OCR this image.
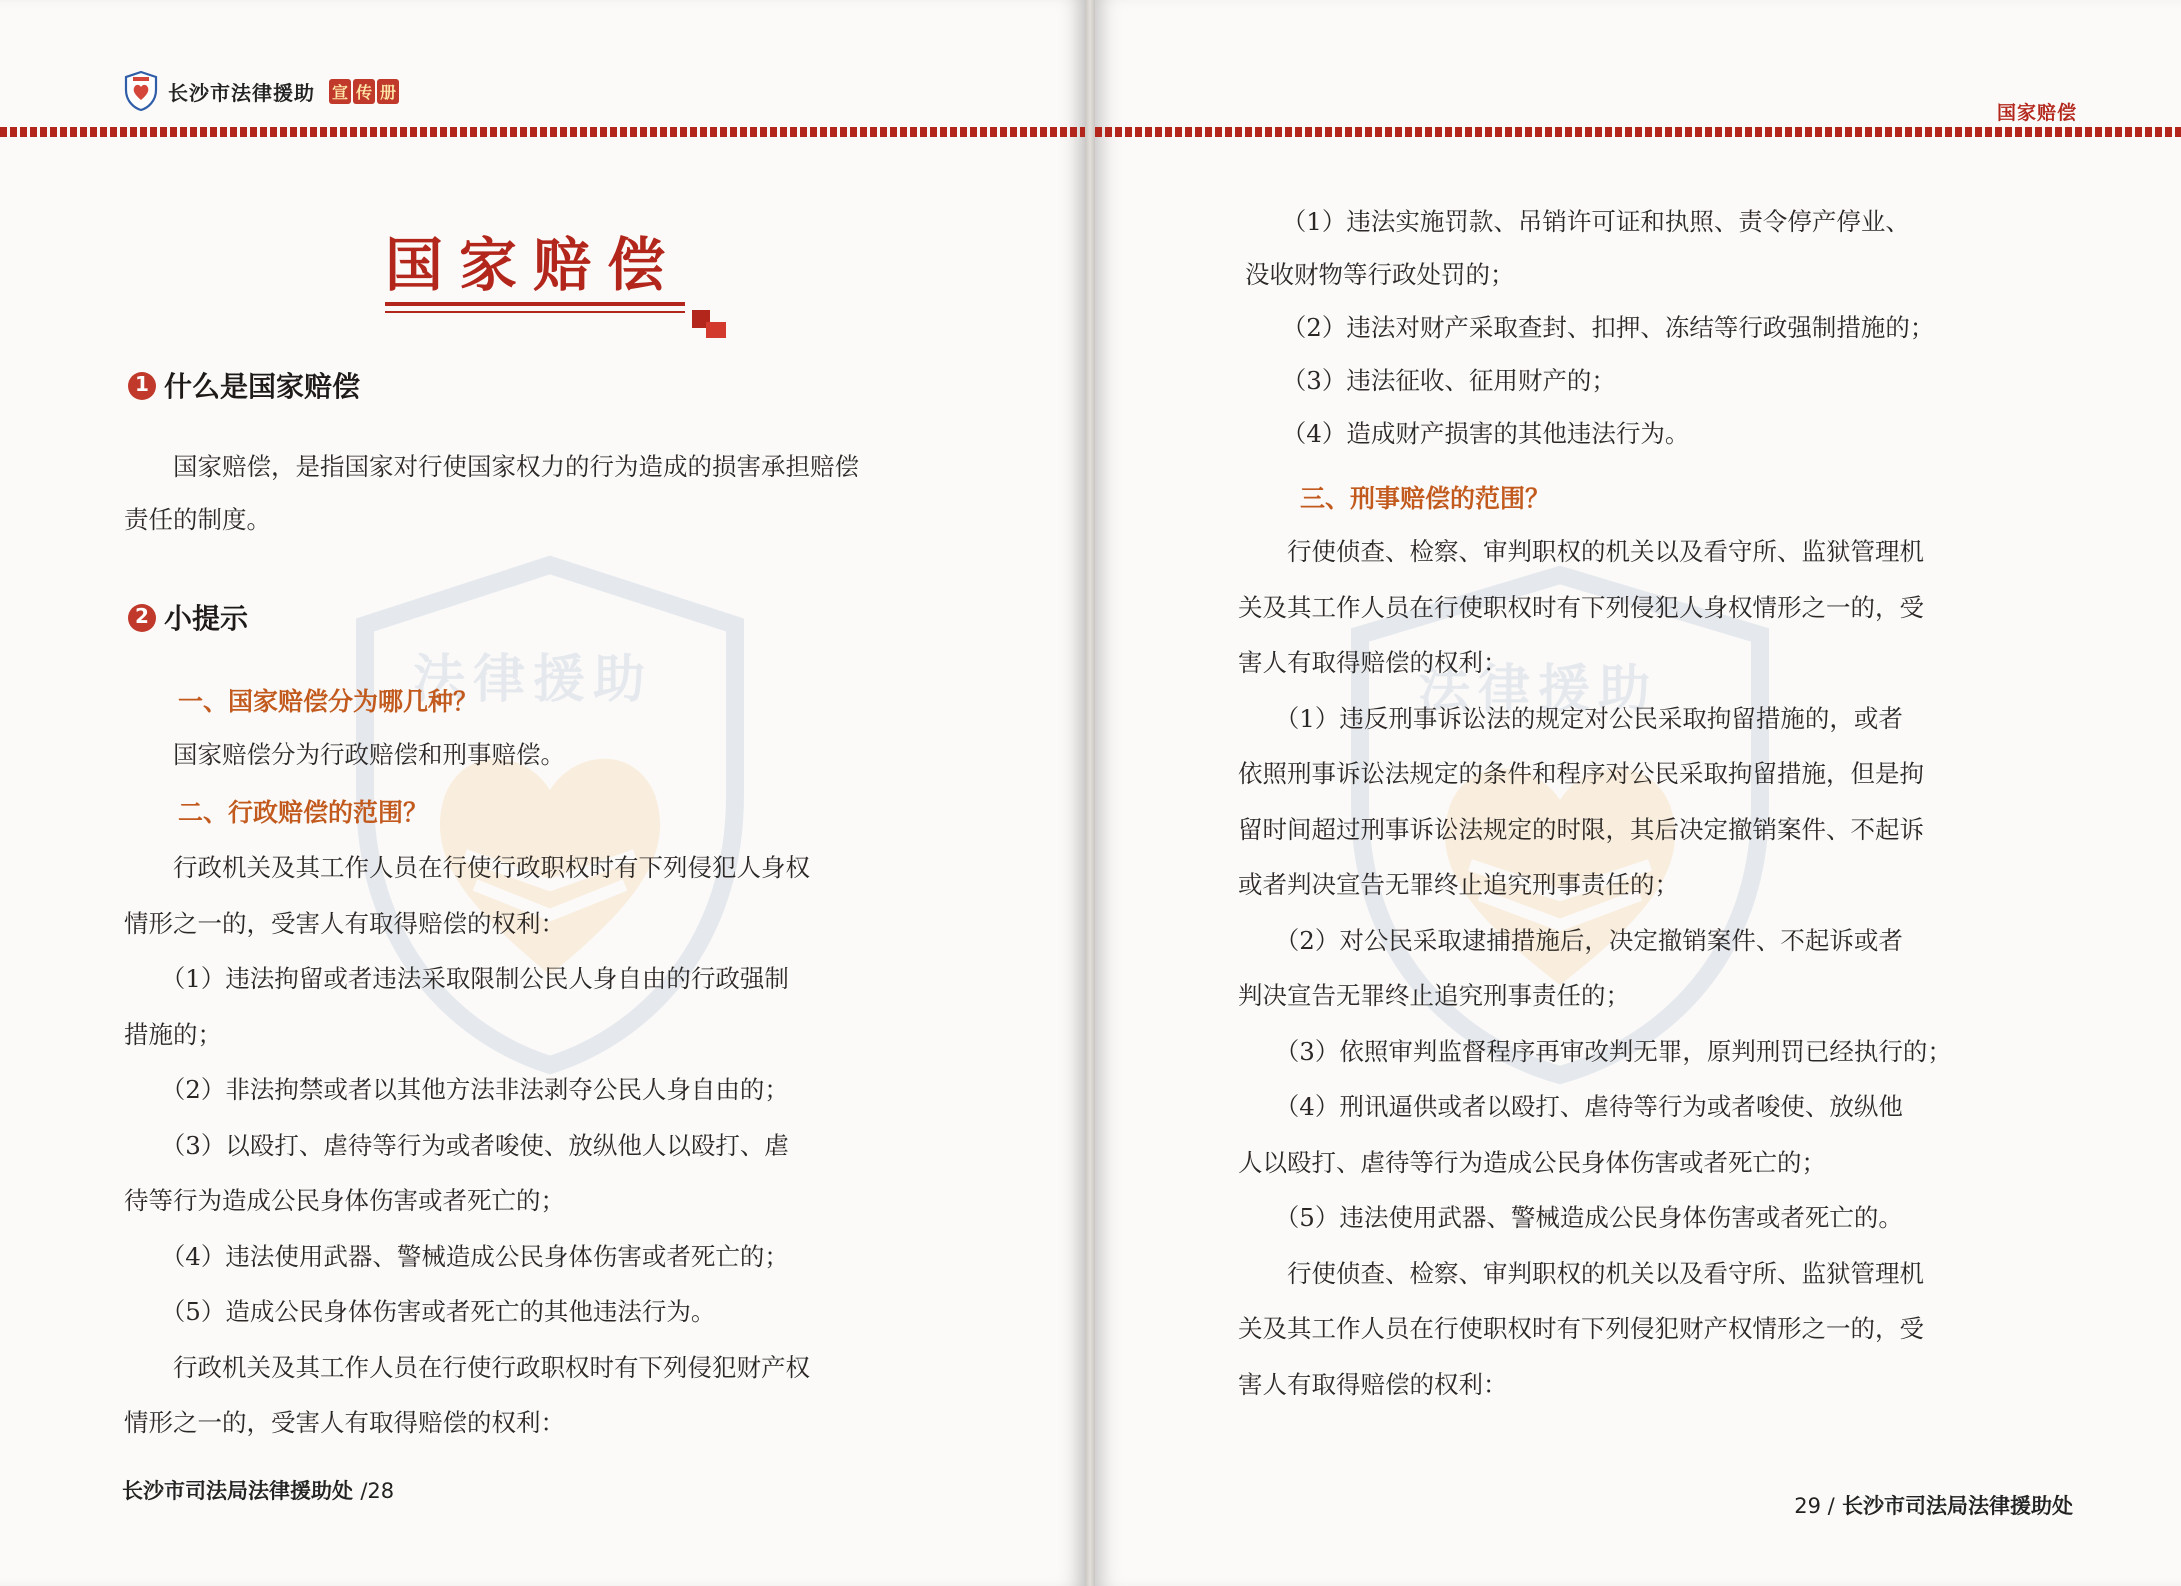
长沙市法律援助 宣 传 册
法律援助
国家赔偿
1 什么是国家赔偿
　　国家赔偿，是指国家对行使国家权力的行为造成的损害承担赔偿
责任的制度。
2 小提示
一、国家赔偿分为哪几种？
　　国家赔偿分为行政赔偿和刑事赔偿。
二、行政赔偿的范围？
　　行政机关及其工作人员在行使行政职权时有下列侵犯人身权
情形之一的，受害人有取得赔偿的权利：
　　（1）违法拘留或者违法采取限制公民人身自由的行政强制
措施的；
　　（2）非法拘禁或者以其他方法非法剥夺公民人身自由的；
　　（3）以殴打、虐待等行为或者唆使、放纵他人以殴打、虐
待等行为造成公民身体伤害或者死亡的；
　　（4）违法使用武器、警械造成公民身体伤害或者死亡的；
　　（5）造成公民身体伤害或者死亡的其他违法行为。
　　行政机关及其工作人员在行使行政职权时有下列侵犯财产权
情形之一的，受害人有取得赔偿的权利：
长沙市司法局法律援助处 /28
国家赔偿
法律援助
　　（1）违法实施罚款、吊销许可证和执照、责令停产停业、
没收财物等行政处罚的；
　　（2）违法对财产采取查封、扣押、冻结等行政强制措施的；
　　（3）违法征收、征用财产的；
　　（4）造成财产损害的其他违法行为。
三、刑事赔偿的范围？
　　行使侦查、检察、审判职权的机关以及看守所、监狱管理机
关及其工作人员在行使职权时有下列侵犯人身权情形之一的，受
害人有取得赔偿的权利：
　　（1）违反刑事诉讼法的规定对公民采取拘留措施的，或者
依照刑事诉讼法规定的条件和程序对公民采取拘留措施，但是拘
留时间超过刑事诉讼法规定的时限，其后决定撤销案件、不起诉
或者判决宣告无罪终止追究刑事责任的；
　　（2）对公民采取逮捕措施后，决定撤销案件、不起诉或者
判决宣告无罪终止追究刑事责任的；
　　（3）依照审判监督程序再审改判无罪，原判刑罚已经执行的；
　　（4）刑讯逼供或者以殴打、虐待等行为或者唆使、放纵他
人以殴打、虐待等行为造成公民身体伤害或者死亡的；
　　（5）违法使用武器、警械造成公民身体伤害或者死亡的。
　　行使侦查、检察、审判职权的机关以及看守所、监狱管理机
关及其工作人员在行使职权时有下列侵犯财产权情形之一的，受
害人有取得赔偿的权利：
29 / 长沙市司法局法律援助处
